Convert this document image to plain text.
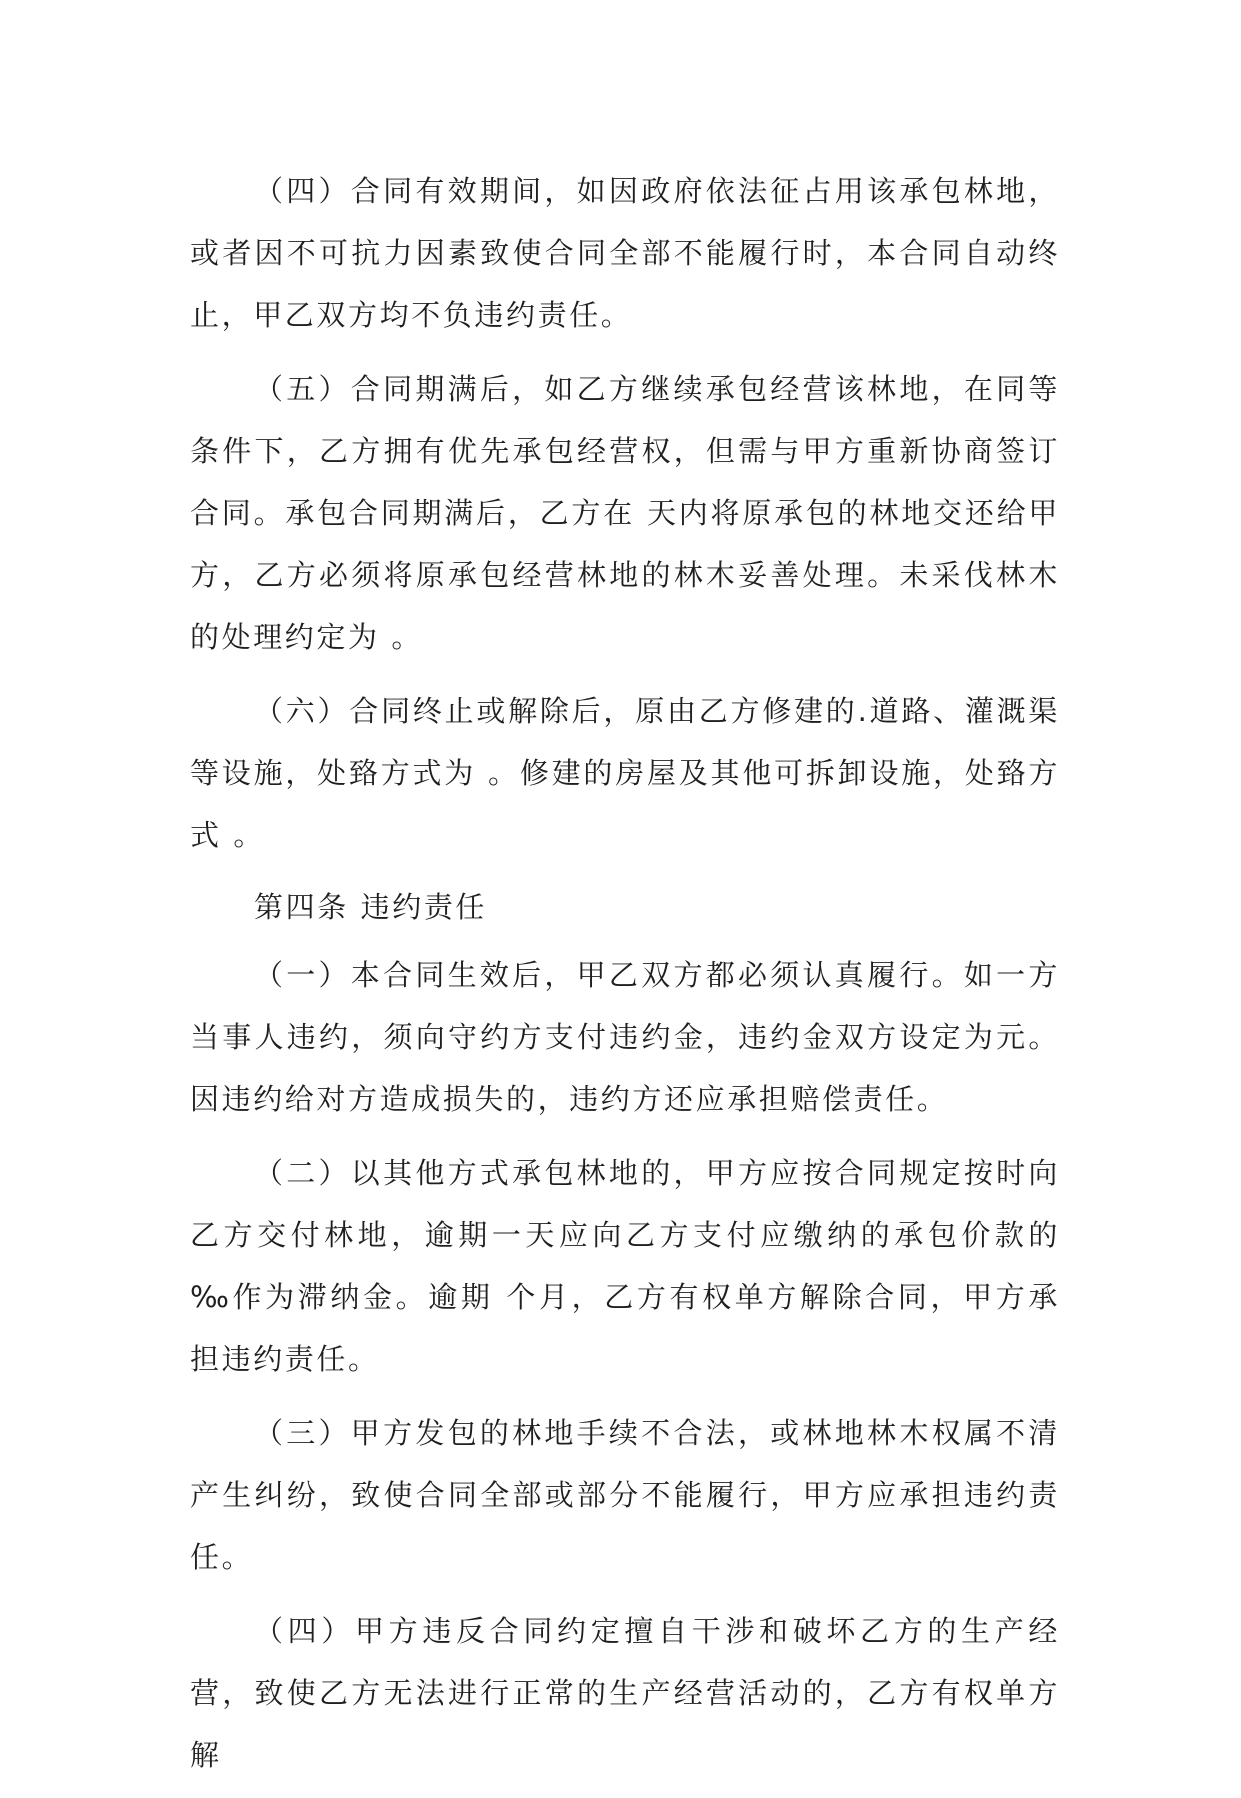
（四）合同有效期间，如因政府依法征占用该承包林地，或者因不可抗力因素致使合同全部不能履行时，本合同自动终止，甲乙双方均不负违约责任。

（五）合同期满后，如乙方继续承包经营该林地，在同等条件下，乙方拥有优先承包经营权，但需与甲方重新协商签订合同。承包合同期满后，乙方在 天内将原承包的林地交还给甲方，乙方必须将原承包经营林地的林木妥善处理。未采伐林木的处理约定为 。

（六）合同终止或解除后，原由乙方修建的.道路、灌溉渠等设施，处臵方式为 。修建的房屋及其他可拆卸设施，处臵方式 。

第四条 违约责任

（一）本合同生效后，甲乙双方都必须认真履行。如一方当事人违约，须向守约方支付违约金，违约金双方设定为元。因违约给对方造成损失的，违约方还应承担赔偿责任。

（二）以其他方式承包林地的，甲方应按合同规定按时向乙方交付林地，逾期一天应向乙方支付应缴纳的承包价款的 ‰作为滞纳金。逾期 个月，乙方有权单方解除合同，甲方承担违约责任。

（三）甲方发包的林地手续不合法，或林地林木权属不清产生纠纷，致使合同全部或部分不能履行，甲方应承担违约责任。

（四）甲方违反合同约定擅自干涉和破坏乙方的生产经营，致使乙方无法进行正常的生产经营活动的，乙方有权单方解
